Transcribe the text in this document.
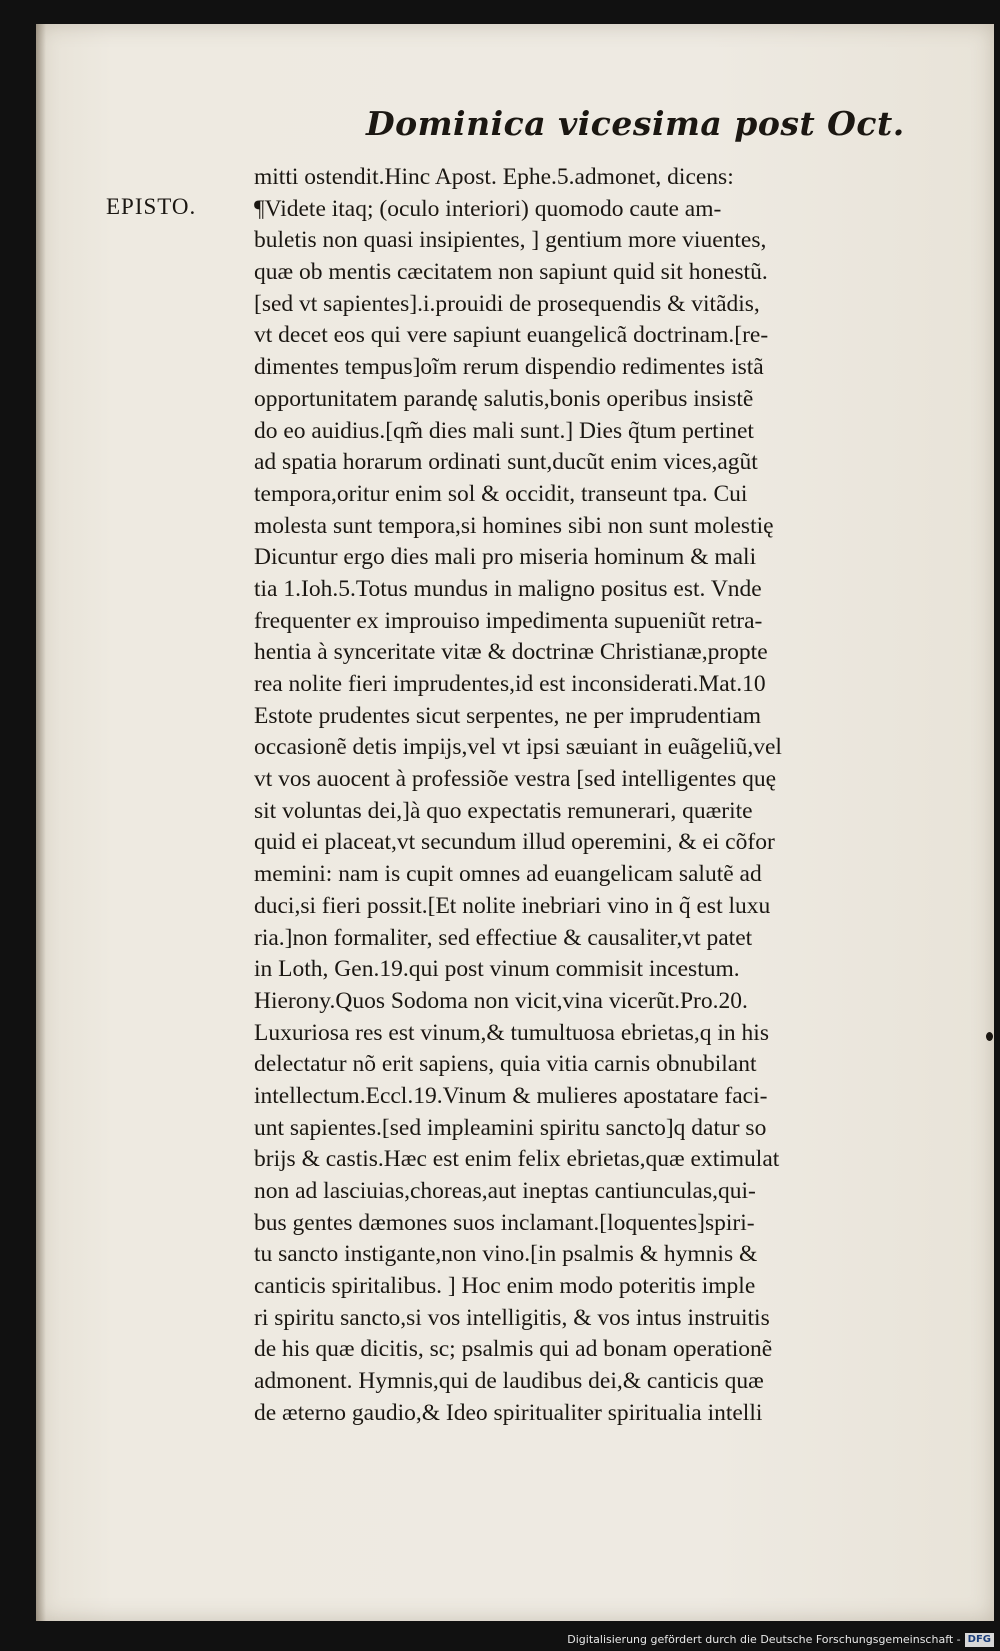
Dominica vicesima post Oct.
EPISTO.
mitti ostendit.Hinc Apost. Ephe.5.admonet, dicens:
¶Videte itaq; (oculo interiori) quomodo caute am-
buletis non quasi insipientes, ] gentium more viuentes,
quæ ob mentis cæcitatem non sapiunt quid sit honestũ.
[sed vt sapientes].i.prouidi de prosequendis & vitãdis,
vt decet eos qui vere sapiunt euangelicã doctrinam.[re-
dimentes tempus]oĩm rerum dispendio redimentes istã
opportunitatem parandę salutis,bonis operibus insistẽ
do eo auidius.[qm̃ dies mali sunt.] Dies q̃tum pertinet
ad spatia horarum ordinati sunt,ducũt enim vices,agũt
tempora,oritur enim sol & occidit, transeunt tpa. Cui
molesta sunt tempora,si homines sibi non sunt molestię
Dicuntur ergo dies mali pro miseria hominum & mali
tia 1.Ioh.5.Totus mundus in maligno positus est. Vnde
frequenter ex improuiso impedimenta supueniũt retra-
hentia à synceritate vitæ & doctrinæ Christianæ,propte
rea nolite fieri imprudentes,id est inconsiderati.Mat.10
Estote prudentes sicut serpentes, ne per imprudentiam
occasionẽ detis impĳs,vel vt ipsi sæuiant in euãgeliũ,vel
vt vos auocent à professiõe vestra [sed intelligentes quę
sit voluntas dei,]à quo expectatis remunerari, quærite
quid ei placeat,vt secundum illud operemini, & ei cõfor
memini: nam is cupit omnes ad euangelicam salutẽ ad
duci,si fieri possit.[Et nolite inebriari vino in q̃ est luxu
ria.]non formaliter, sed effectiue & causaliter,vt patet
in Loth, Gen.19.qui post vinum commisit incestum.
Hierony.Quos Sodoma non vicit,vina vicerũt.Pro.20.
Luxuriosa res est vinum,& tumultuosa ebrietas,q in his
delectatur nõ erit sapiens, quia vitia carnis obnubilant
intellectum.Eccl.19.Vinum & mulieres apostatare faci-
unt sapientes.[sed impleamini spiritu sancto]q datur so
brĳs & castis.Hæc est enim felix ebrietas,quæ extimulat
non ad lasciuias,choreas,aut ineptas cantiunculas,qui-
bus gentes dæmones suos inclamant.[loquentes]spiri-
tu sancto instigante,non vino.[in psalmis & hymnis &
canticis spiritalibus. ] Hoc enim modo poteritis imple
ri spiritu sancto,si vos intelligitis, & vos intus instruitis
de his quæ dicitis, sc; psalmis qui ad bonam operationẽ
admonent. Hymnis,qui de laudibus dei,& canticis quæ
de æterno gaudio,& Ideo spiritualiter spiritualia intelli
Digitalisierung gefördert durch die Deutsche Forschungsgemeinschaft - DFG
